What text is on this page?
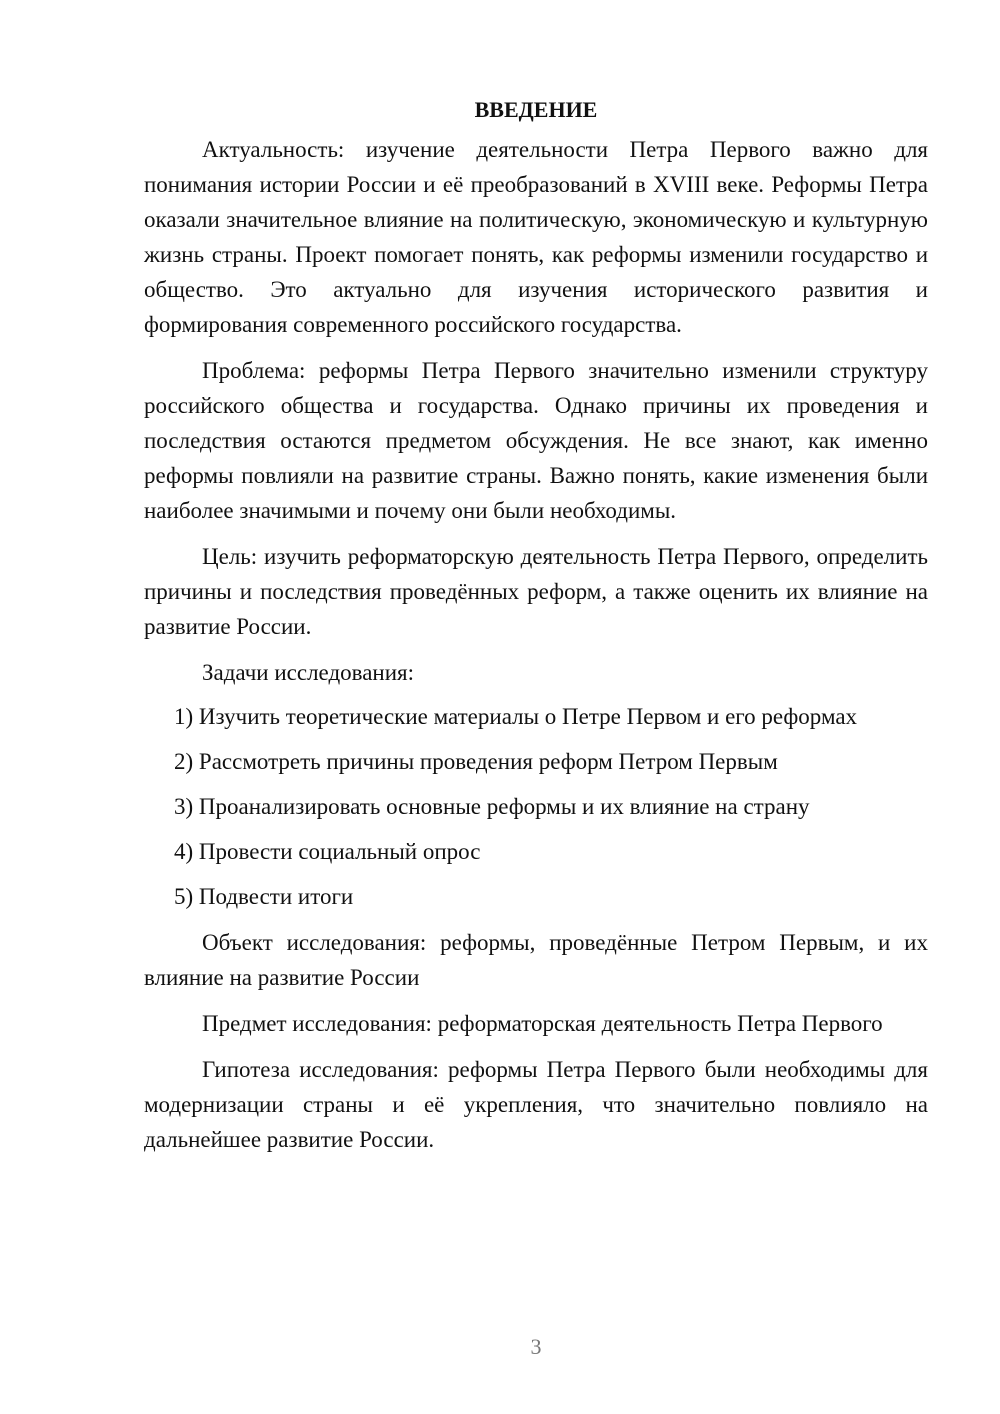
ВВЕДЕНИЕ

Актуальность: изучение деятельности Петра Первого важно для понимания истории России и её преобразований в XVIII веке. Реформы Петра оказали значительное влияние на политическую, экономическую и культурную жизнь страны. Проект помогает понять, как реформы изменили государство и общество. Это актуально для изучения исторического развития и формирования современного российского государства.

Проблема: реформы Петра Первого значительно изменили структуру российского общества и государства. Однако причины их проведения и последствия остаются предметом обсуждения. Не все знают, как именно реформы повлияли на развитие страны. Важно понять, какие изменения были наиболее значимыми и почему они были необходимы.

Цель: изучить реформаторскую деятельность Петра Первого, определить причины и последствия проведённых реформ, а также оценить их влияние на развитие России.

Задачи исследования:

1) Изучить теоретические материалы о Петре Первом и его реформах
2) Рассмотреть причины проведения реформ Петром Первым
3) Проанализировать основные реформы и их влияние на страну
4) Провести социальный опрос
5) Подвести итоги

Объект исследования: реформы, проведённые Петром Первым, и их влияние на развитие России

Предмет исследования: реформаторская деятельность Петра Первого

Гипотеза исследования: реформы Петра Первого были необходимы для модернизации страны и её укрепления, что значительно повлияло на дальнейшее развитие России.

3
